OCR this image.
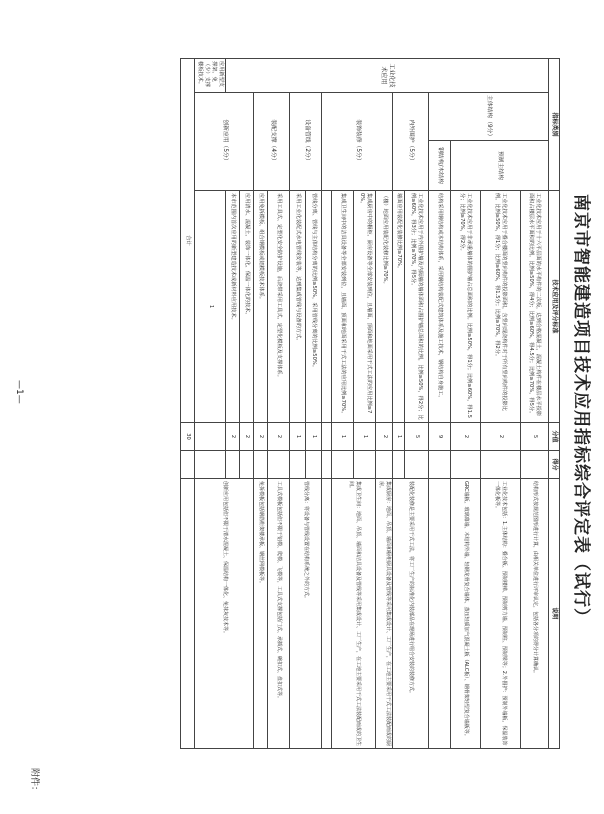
附件：
南京市智能建造项目技术应用指标综合评定表（试行）
指标类别			技术应用及评分标准	分值	得分	说明
工业化技术应用	主体结构（9分）	预制主结构	工业化技术应用于十六平层面的水平构件的二次板，达到合格混凝土，混凝土构件在楼层水平投影面积占楼层水平面积的比例。比例≥50%，得4分；比例≥60%，得4.5分；比例≥70%，得5分。	5		结构形式按规范图形进行计算，由相关单位进行评审认定，包括各分项的得分计算确认。
			工业化技术应用于叠合楼面的竖向构件的投影面积，含竖向现浇构件对于所有竖向构件的投影比例。比例≥50%，得1分；比例≥60%，得1.5分；比例≥70%，得2分。	2		工业化技术包括：1.主体结构：叠合板、预制楼梯、预制剪力墙、预制柱、预制梁等；2.外围护：预制外墙板、保温装饰一体化板等。
			工业化技术应用于非承重墙体的围护墙占总面积的比例。比例≥50%，得1分；比例≥60%，得1.5分；比例≥70%，得2分。	2		GRC墙板、玻璃幕墙、木结构外墙、轻钢龙骨复合墙体、蒸压轻质加气混凝土板（ALC板）、钢骨架轻型复合墙板等。
		钢结构/木结构	结构采用钢结构或木结构体系，采用钢结构装配式建筑体系及施工技术，钢结构自身施工。	9		
	内外围护（5分）		工业化技术应用于内外围护墙及内隔墙的墙体面积占围护墙总面积的比例，比例≥50%，得2分；比例≥60%，得3分；比例≥70%，得5分。	5		装配化装修是主要采用干式工法，将工厂生产的标准化内装部品在现场进行组合安装的装修方式。
			墙面应用装配化装修比例≥70%。	1		
	装饰装修（5分）		（楼）地面应用装配化装修比例≥70%。	2		集成厨房：地面、吊顶、墙面和橱柜厨具设备及管线等采用集成设计、工厂生产，在工地主要采用干式工法装配而成的厨房。
			集成厨房中的橱柜、厨房设备等全部安装到位，且墙面、顶面和地面采用干式工法的应用比例≥70%。	1		集成卫生间：地面、吊顶、墙面和洁具设备及管线等采用集成设计、工厂生产，在工地主要采用干式工法装配而成的卫生间。
			集成卫生间中的洁具设备等全部安装到位，且墙面、顶面和地面采用干式工法的应用比例≥70%。	1		

	设备管线（2分）		管线分离、管线与主体结构分离的比例≥50%，采用管线分离的比例≥50%。	1		管线分离：将设备与管线设置在结构系统之外的方式。
			采用工业化装配式水电管线安装等，达到集成管线与设备的方式。	1		
	装配支撑（4分）		采用工具式、定型化安全防护设施，后浇带采用工具式、定型化模板及支撑体系。	2		工具式模板包括但不限于铝模、爬模、飞模等，工具式支撑包括门式、承插式、碗扣式、盘扣式等。
			应用免拆模板、组合钢模板或铝模板技术体系。	2		免拆模板包括钢筋桁架楼承板、钢丝网模板等。
	创新应用（5分）		应用清水、混凝土、装饰一体化、保温一体化的技术。	2		创新应用包括但不限于清水混凝土、保温结构一体化、免抹灰技术等。
			本市范围内首次应用的新型建造技术或新材料应用技术。	2		
应用新型支撑架、免（少）支撑楼板技术。			1			
合计				30		
—1—
